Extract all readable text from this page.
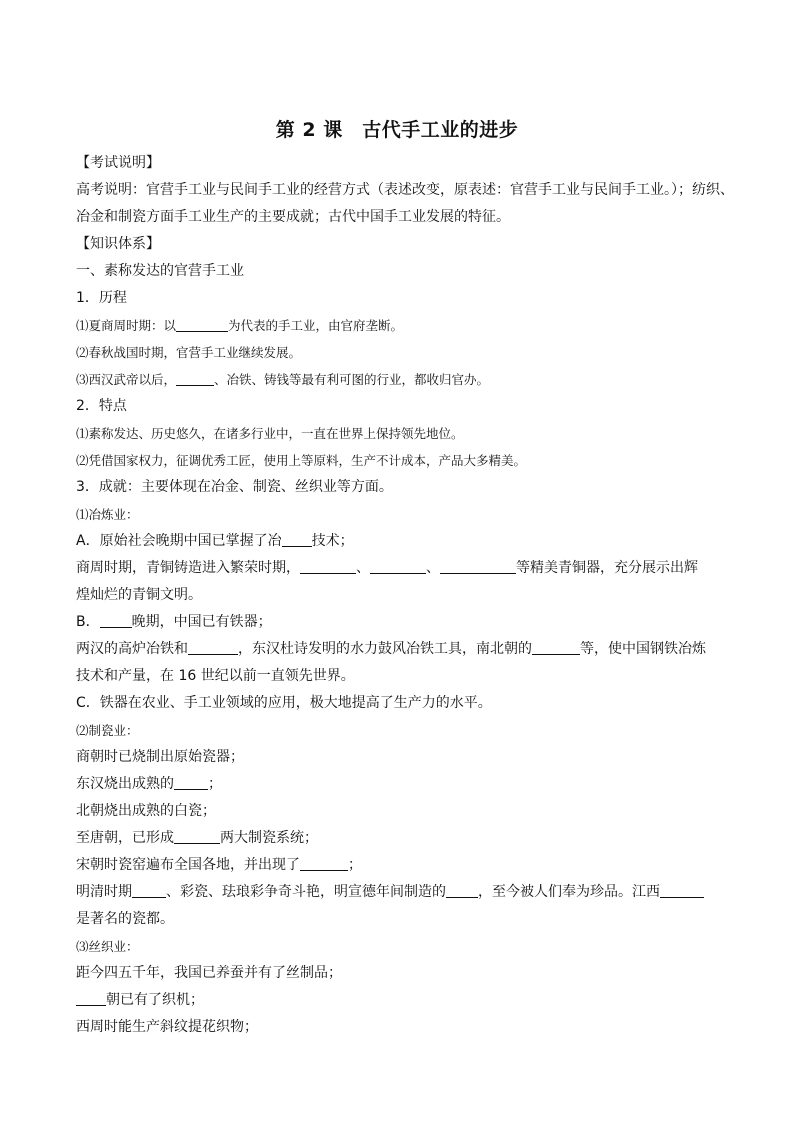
第 2 课　古代手工业的进步

【考试说明】

高考说明：官营手工业与民间手工业的经营方式（表述改变，原表述：官营手工业与民间手工业。）；纺织、

冶金和制瓷方面手工业生产的主要成就；古代中国手工业发展的特征。

【知识体系】

一、素称发达的官营手工业

1．历程

⑴夏商周时期：以	为代表的手工业，由官府垄断。

⑵春秋战国时期，官营手工业继续发展。

⑶西汉武帝以后，	、冶铁、铸钱等最有利可图的行业，都收归官办。

2．特点

⑴素称发达、历史悠久，在诸多行业中，一直在世界上保持领先地位。

⑵凭借国家权力，征调优秀工匠，使用上等原料，生产不计成本，产品大多精美。

3．成就：主要体现在冶金、制瓷、丝织业等方面。

⑴冶炼业：

A．原始社会晚期中国已掌握了冶 技术；

商周时期，青铜铸造进入繁荣时期，	、	、	等精美青铜器，充分展示出辉

煌灿烂的青铜文明。

B． 晚期，中国已有铁器；

两汉的高炉冶铁和	，东汉杜诗发明的水力鼓风冶铁工具，南北朝的	等，使中国钢铁冶炼

技术和产量，在 16 世纪以前一直领先世界。

C．铁器在农业、手工业领域的应用，极大地提高了生产力的水平。

⑵制瓷业：

商朝时已烧制出原始瓷器；

东汉烧出成熟的 ；

北朝烧出成熟的白瓷；

至唐朝，已形成	两大制瓷系统；

宋朝时瓷窑遍布全国各地，并出现了	；

明清时期 、彩瓷、珐琅彩争奇斗艳，明宣德年间制造的 ，至今被人们奉为珍品。江西

是著名的瓷都。

⑶丝织业：

距今四五千年，我国已养蚕并有了丝制品；

朝已有了织机；

西周时能生产斜纹提花织物；
